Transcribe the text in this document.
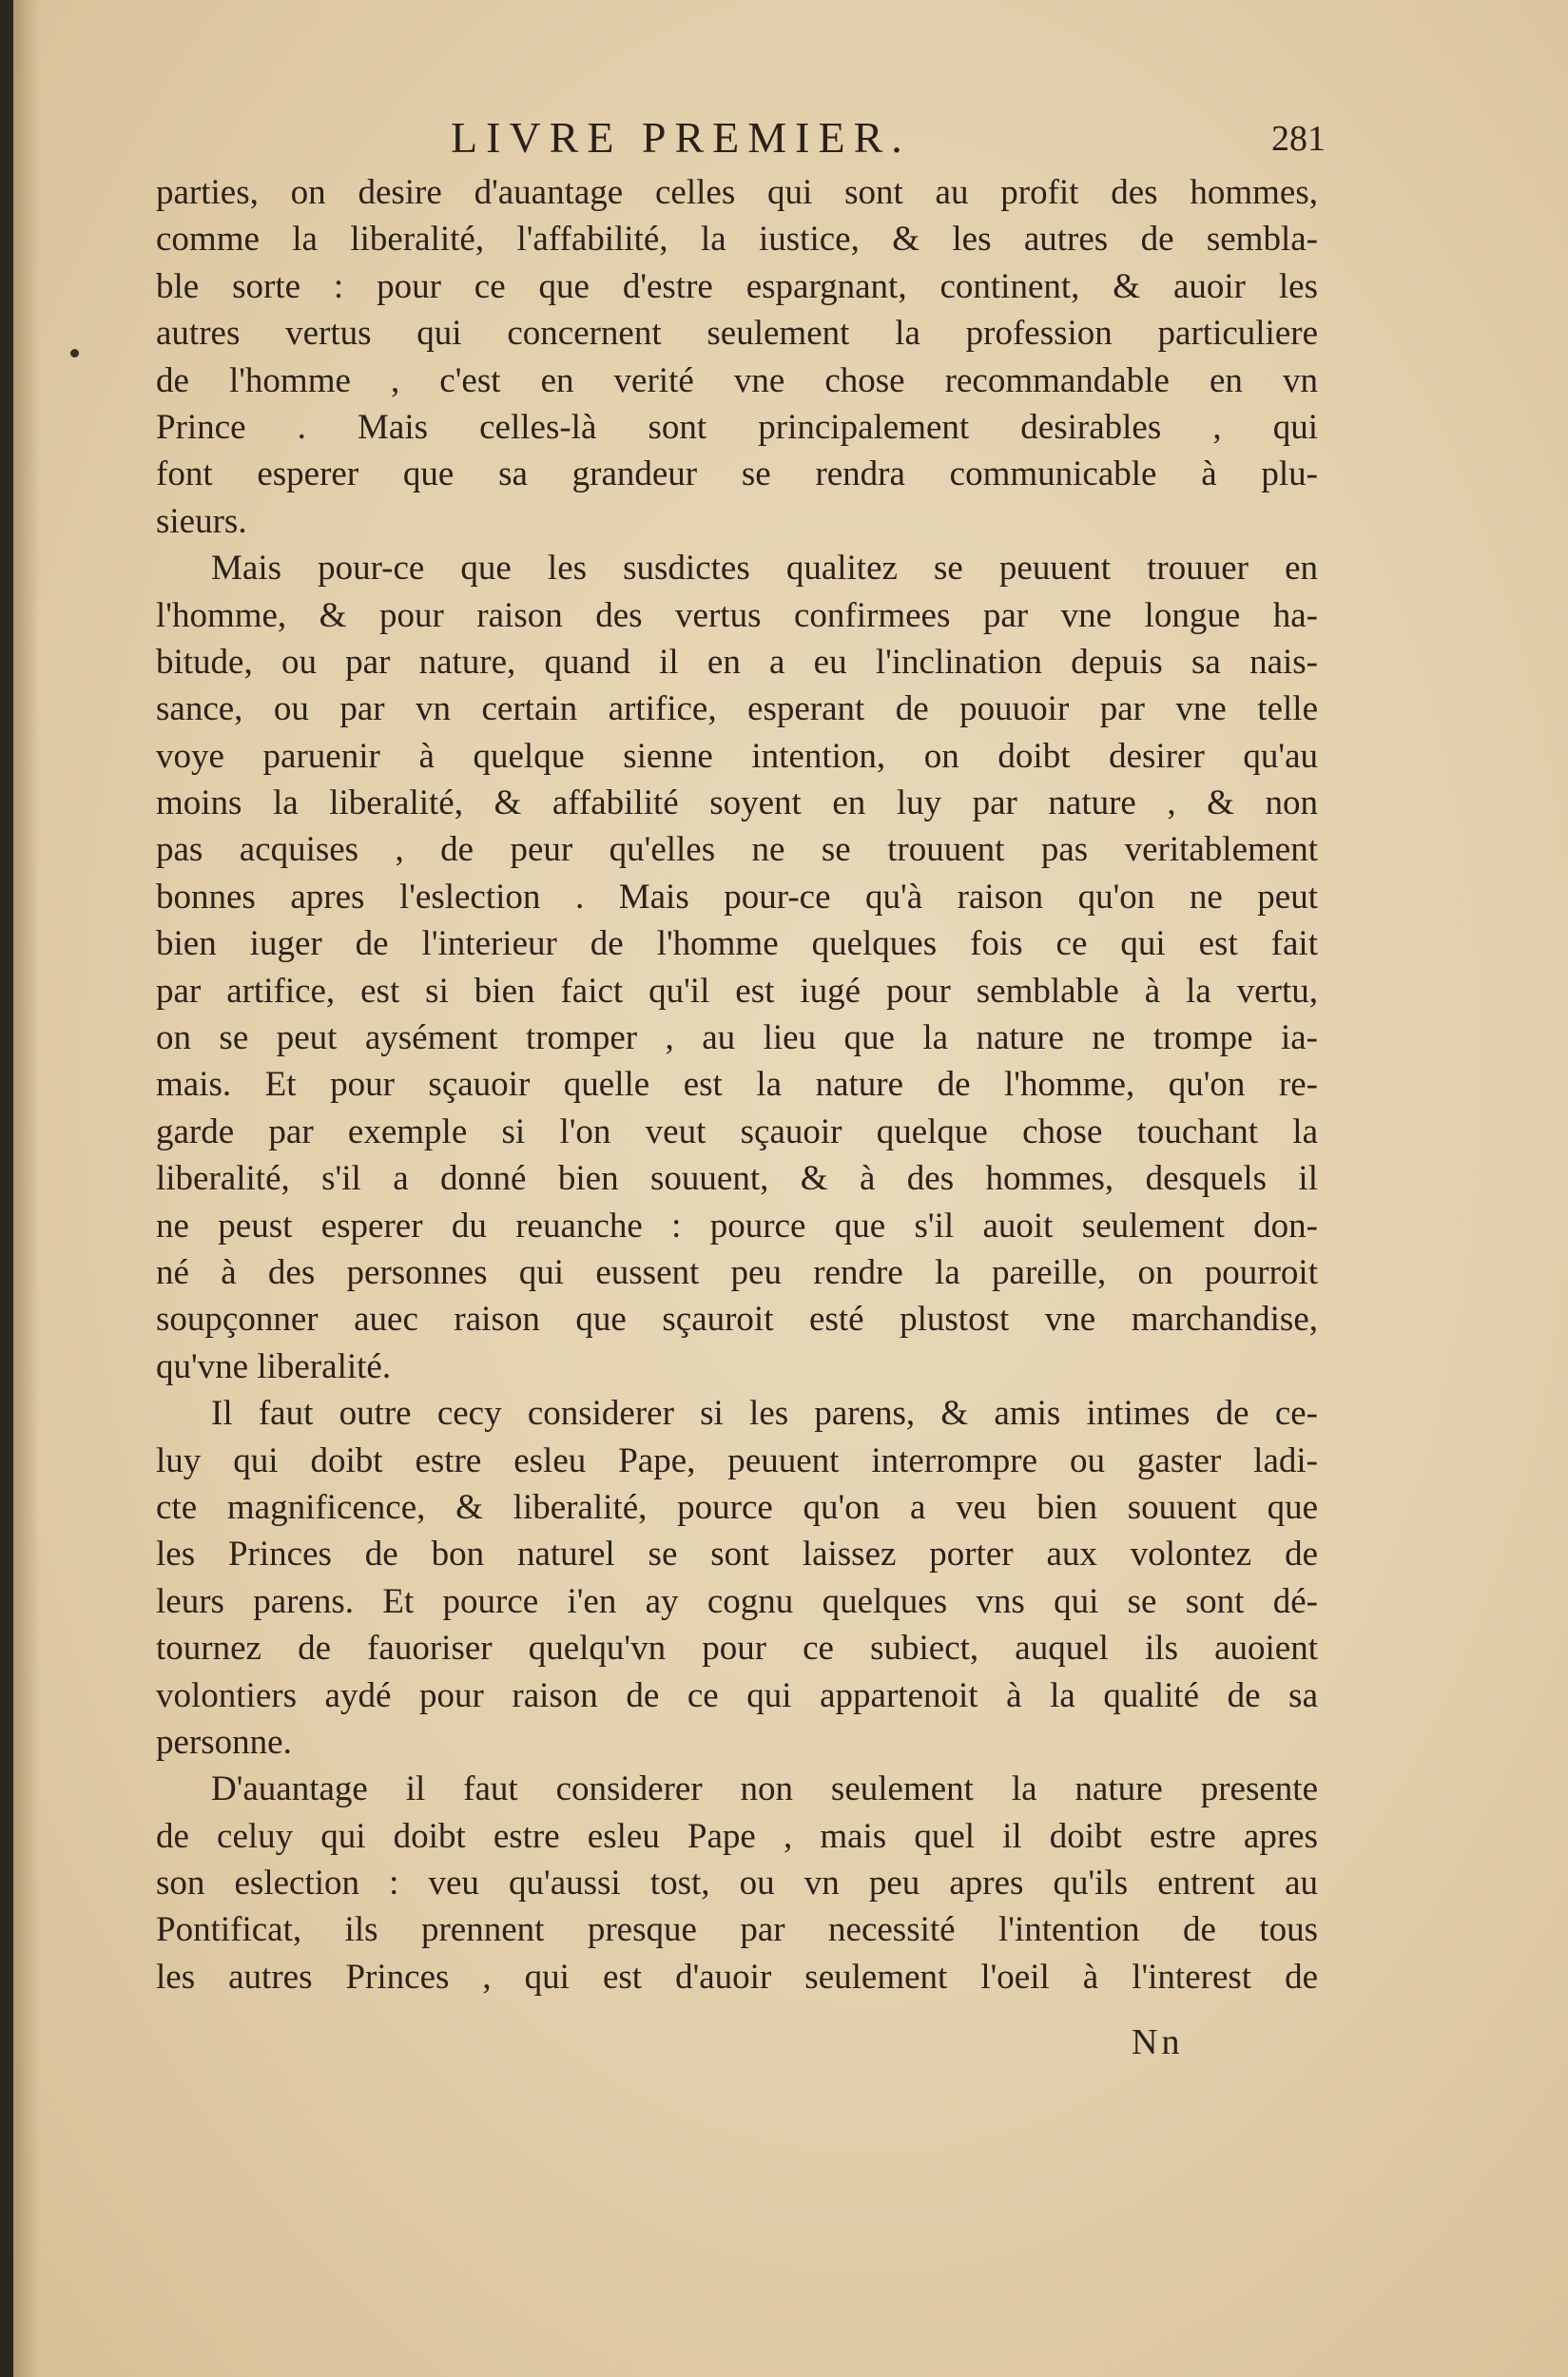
LIVRE PREMIER.	281
parties, on desire d'auantage celles qui sont au profit des hommes,
comme la liberalité, l'affabilité, la iustice, & les autres de sembla-
ble sorte : pour ce que d'estre espargnant, continent, & auoir les
autres vertus qui concernent seulement la profession particuliere
de l'homme , c'est en verité vne chose recommandable en vn
Prince . Mais celles-là sont principalement desirables , qui
font esperer que sa grandeur se rendra communicable à plu-
sieurs.
Mais pour-ce que les susdictes qualitez se peuuent trouuer en
l'homme, & pour raison des vertus confirmees par vne longue ha-
bitude, ou par nature, quand il en a eu l'inclination depuis sa nais-
sance, ou par vn certain artifice, esperant de pouuoir par vne telle
voye paruenir à quelque sienne intention, on doibt desirer qu'au
moins la liberalité, & affabilité soyent en luy par nature , & non
pas acquises , de peur qu'elles ne se trouuent pas veritablement
bonnes apres l'eslection . Mais pour-ce qu'à raison qu'on ne peut
bien iuger de l'interieur de l'homme quelques fois ce qui est fait
par artifice, est si bien faict qu'il est iugé pour semblable à la vertu,
on se peut aysément tromper , au lieu que la nature ne trompe ia-
mais. Et pour sçauoir quelle est la nature de l'homme, qu'on re-
garde par exemple si l'on veut sçauoir quelque chose touchant la
liberalité, s'il a donné bien souuent, & à des hommes, desquels il
ne peust esperer du reuanche : pource que s'il auoit seulement don-
né à des personnes qui eussent peu rendre la pareille, on pourroit
soupçonner auec raison que sçauroit esté plustost vne marchandise,
qu'vne liberalité.
Il faut outre cecy considerer si les parens, & amis intimes de ce-
luy qui doibt estre esleu Pape, peuuent interrompre ou gaster ladi-
cte magnificence, & liberalité, pource qu'on a veu bien souuent que
les Princes de bon naturel se sont laissez porter aux volontez de
leurs parens. Et pource i'en ay cognu quelques vns qui se sont dé-
tournez de fauoriser quelqu'vn pour ce subiect, auquel ils auoient
volontiers aydé pour raison de ce qui appartenoit à la qualité de sa
personne.
D'auantage il faut considerer non seulement la nature presente
de celuy qui doibt estre esleu Pape , mais quel il doibt estre apres
son eslection : veu qu'aussi tost, ou vn peu apres qu'ils entrent au
Pontificat, ils prennent presque par necessité l'intention de tous
les autres Princes , qui est d'auoir seulement l'oeil à l'interest de
Nn
